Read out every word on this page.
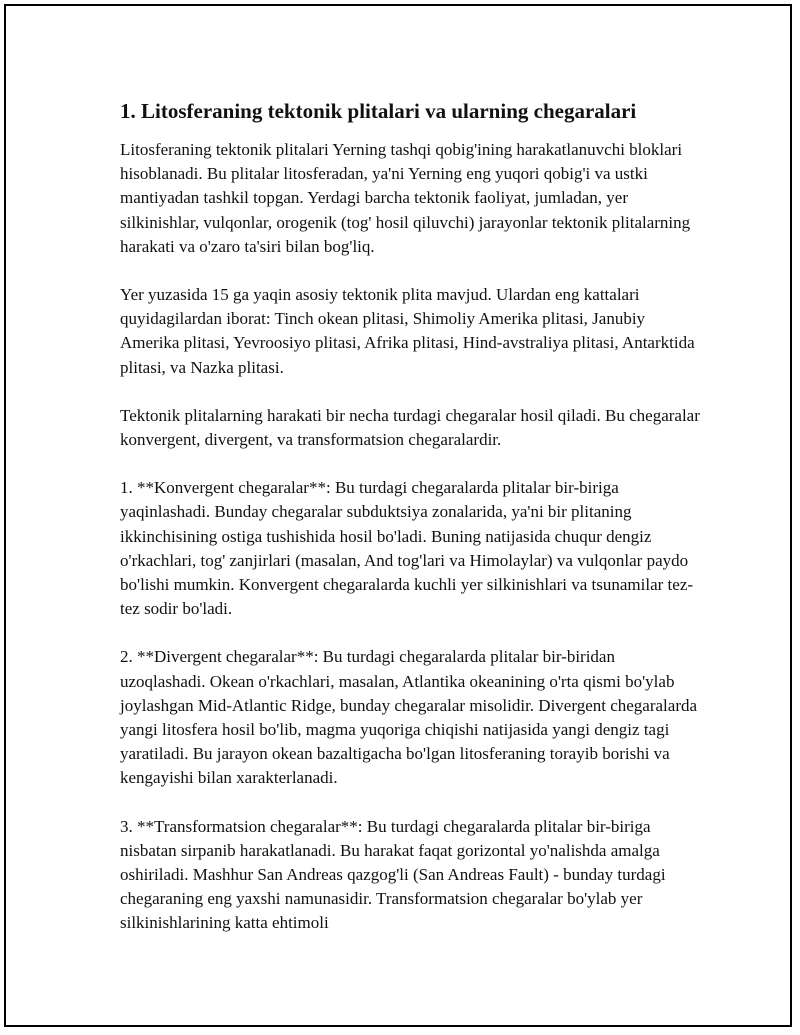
1. Litosferaning tektonik plitalari va ularning chegaralari

Litosferaning tektonik plitalari Yerning tashqi qobig'ining harakatlanuvchi bloklari hisoblanadi. Bu plitalar litosferadan, ya'ni Yerning eng yuqori qobig'i va ustki mantiyadan tashkil topgan. Yerdagi barcha tektonik faoliyat, jumladan, yer silkinishlar, vulqonlar, orogenik (tog' hosil qiluvchi) jarayonlar tektonik plitalarning harakati va o'zaro ta'siri bilan bog'liq.

Yer yuzasida 15 ga yaqin asosiy tektonik plita mavjud. Ulardan eng kattalari quyidagilardan iborat: Tinch okean plitasi, Shimoliy Amerika plitasi, Janubiy Amerika plitasi, Yevroosiyo plitasi, Afrika plitasi, Hind-avstraliya plitasi, Antarktida plitasi, va Nazka plitasi.

Tektonik plitalarning harakati bir necha turdagi chegaralar hosil qiladi. Bu chegaralar konvergent, divergent, va transformatsion chegaralardir.

1. **Konvergent chegaralar**: Bu turdagi chegaralarda plitalar bir-biriga yaqinlashadi. Bunday chegaralar subduktsiya zonalarida, ya'ni bir plitaning ikkinchisining ostiga tushishida hosil bo'ladi. Buning natijasida chuqur dengiz o'rkachlari, tog' zanjirlari (masalan, And tog'lari va Himolaylar) va vulqonlar paydo bo'lishi mumkin. Konvergent chegaralarda kuchli yer silkinishlari va tsunamilar tez-tez sodir bo'ladi.

2. **Divergent chegaralar**: Bu turdagi chegaralarda plitalar bir-biridan uzoqlashadi. Okean o'rkachlari, masalan, Atlantika okeanining o'rta qismi bo'ylab joylashgan Mid-Atlantic Ridge, bunday chegaralar misolidir. Divergent chegaralarda yangi litosfera hosil bo'lib, magma yuqoriga chiqishi natijasida yangi dengiz tagi yaratiladi. Bu jarayon okean bazaltigacha bo'lgan litosferaning torayib borishi va kengayishi bilan xarakterlanadi.

3. **Transformatsion chegaralar**: Bu turdagi chegaralarda plitalar bir-biriga nisbatan sirpanib harakatlanadi. Bu harakat faqat gorizontal yo'nalishda amalga oshiriladi. Mashhur San Andreas qazgog'li (San Andreas Fault) - bunday turdagi chegaraning eng yaxshi namunasidir. Transformatsion chegaralar bo'ylab yer silkinishlarining katta ehtimoli
